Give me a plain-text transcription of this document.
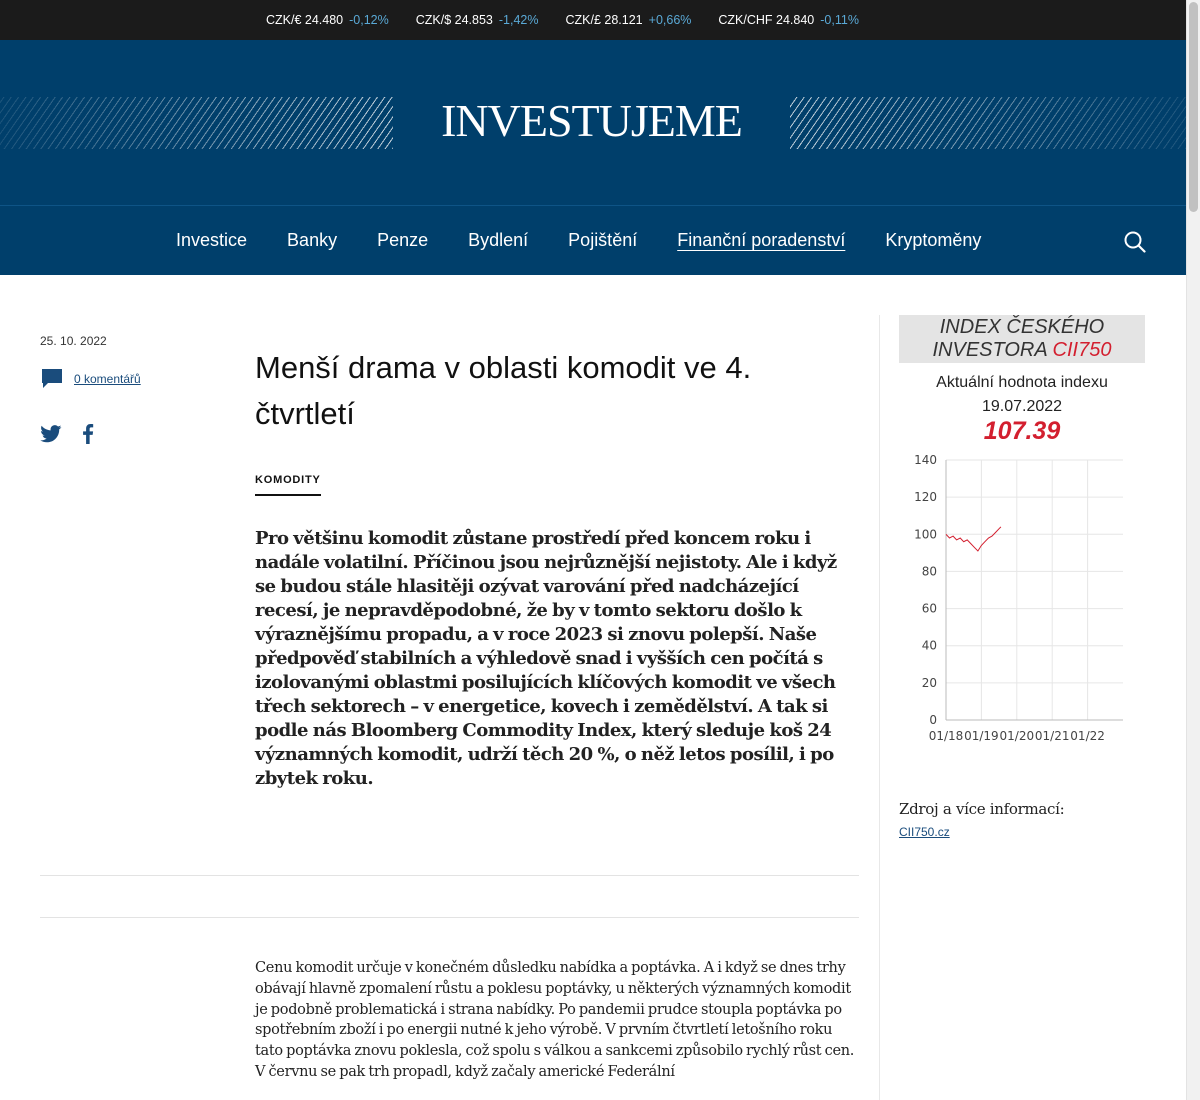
CZK/€ 24.480 -0,12% CZK/$ 24.853 -1,42% CZK/£ 28.121 +0,66% CZK/CHF 24.840 -0,11%
INVESTUJEME
Investice Banky Penze Bydlení Pojištění Finanční poradenství Kryptoměny
25. 10. 2022
0 komentářů	Menší drama v oblasti komodit ve 4. čtvrtletí
KOMODITY

Pro většinu komodit zůstane prostředí před koncem roku i nadále volatilní. Příčinou jsou nejrůznější nejistoty. Ale i když se budou stále hlasitěji ozývat varování před nadcházející recesí, je nepravděpodobné, že by v tomto sektoru došlo k výraznějšímu propadu, a v roce 2023 si znovu polepší. Naše předpověď stabilních a výhledově snad i vyšších cen počítá s izolovanými oblastmi posilujících klíčových komodit ve všech třech sektorech – v energetice, kovech i zemědělství. A tak si podle nás Bloomberg Commodity Index, který sleduje koš 24 významných komodit, udrží těch 20 %, o něž letos posílil, i po zbytek roku.

Cenu komodit určuje v konečném důsledku nabídka a poptávka. A i když se dnes trhy obávají hlavně zpomalení růstu a poklesu poptávky, u některých významných komodit je podobně problematická i strana nabídky. Po pandemii prudce stoupla poptávka po spotřebním zboží i po energii nutné k jeho výrobě. V prvním čtvrtletí letošního roku tato poptávka znovu poklesla, což spolu s válkou a sankcemi způsobilo rychlý růst cen. V červnu se pak trh propadl, když začaly americké Federální

INDEX ČESKÉHO
INVESTORA CII750
Aktuální hodnota indexu
19.07.2022
107.39
0
20
40
60
80
100
120
140
01/18 01/19 01/20 01/21 01/22
Zdroj a více informací:
CII750.cz
